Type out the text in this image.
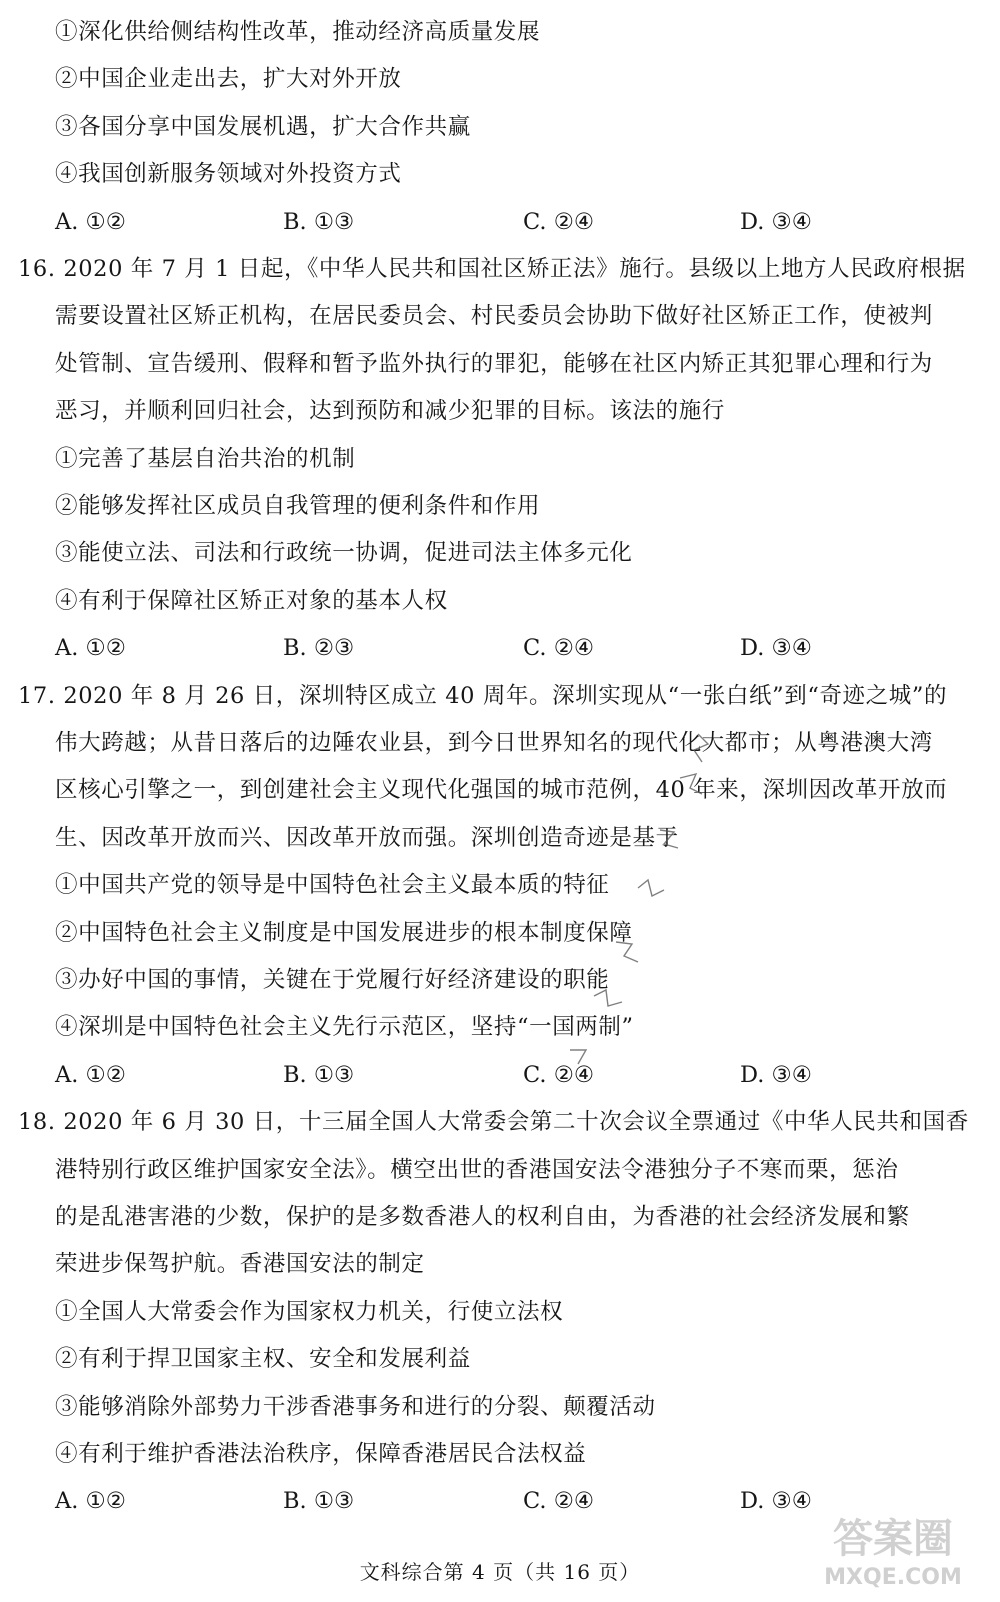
①深化供给侧结构性改革，推动经济高质量发展
②中国企业走出去，扩大对外开放
③各国分享中国发展机遇，扩大合作共赢
④我国创新服务领域对外投资方式
A. ①②	B. ①③	C. ②④	D. ③④
16. 2020 年 7 月 1 日起，《中华人民共和国社区矫正法》施行。县级以上地方人民政府根据
需要设置社区矫正机构，在居民委员会、村民委员会协助下做好社区矫正工作，使被判
处管制、宣告缓刑、假释和暂予监外执行的罪犯，能够在社区内矫正其犯罪心理和行为
恶习，并顺利回归社会，达到预防和减少犯罪的目标。该法的施行
①完善了基层自治共治的机制
②能够发挥社区成员自我管理的便利条件和作用
③能使立法、司法和行政统一协调，促进司法主体多元化
④有利于保障社区矫正对象的基本人权
A. ①②	B. ②③	C. ②④	D. ③④
17. 2020 年 8 月 26 日，深圳特区成立 40 周年。深圳实现从“一张白纸”到“奇迹之城”的
伟大跨越；从昔日落后的边陲农业县，到今日世界知名的现代化大都市；从粤港澳大湾
区核心引擎之一，到创建社会主义现代化强国的城市范例，40 年来，深圳因改革开放而
生、因改革开放而兴、因改革开放而强。深圳创造奇迹是基于
①中国共产党的领导是中国特色社会主义最本质的特征
②中国特色社会主义制度是中国发展进步的根本制度保障
③办好中国的事情，关键在于党履行好经济建设的职能
④深圳是中国特色社会主义先行示范区，坚持“一国两制”
A. ①②	B. ①③	C. ②④	D. ③④
18. 2020 年 6 月 30 日，十三届全国人大常委会第二十次会议全票通过《中华人民共和国香
港特别行政区维护国家安全法》。横空出世的香港国安法令港独分子不寒而栗，惩治
的是乱港害港的少数，保护的是多数香港人的权利自由，为香港的社会经济发展和繁
荣进步保驾护航。香港国安法的制定
①全国人大常委会作为国家权力机关，行使立法权
②有利于捍卫国家主权、安全和发展利益
③能够消除外部势力干涉香港事务和进行的分裂、颠覆活动
④有利于维护香港法治秩序，保障香港居民合法权益
A. ①②	B. ①③	C. ②④	D. ③④
文科综合第 4 页（共 16 页）
答案圈
MXQE.COM
